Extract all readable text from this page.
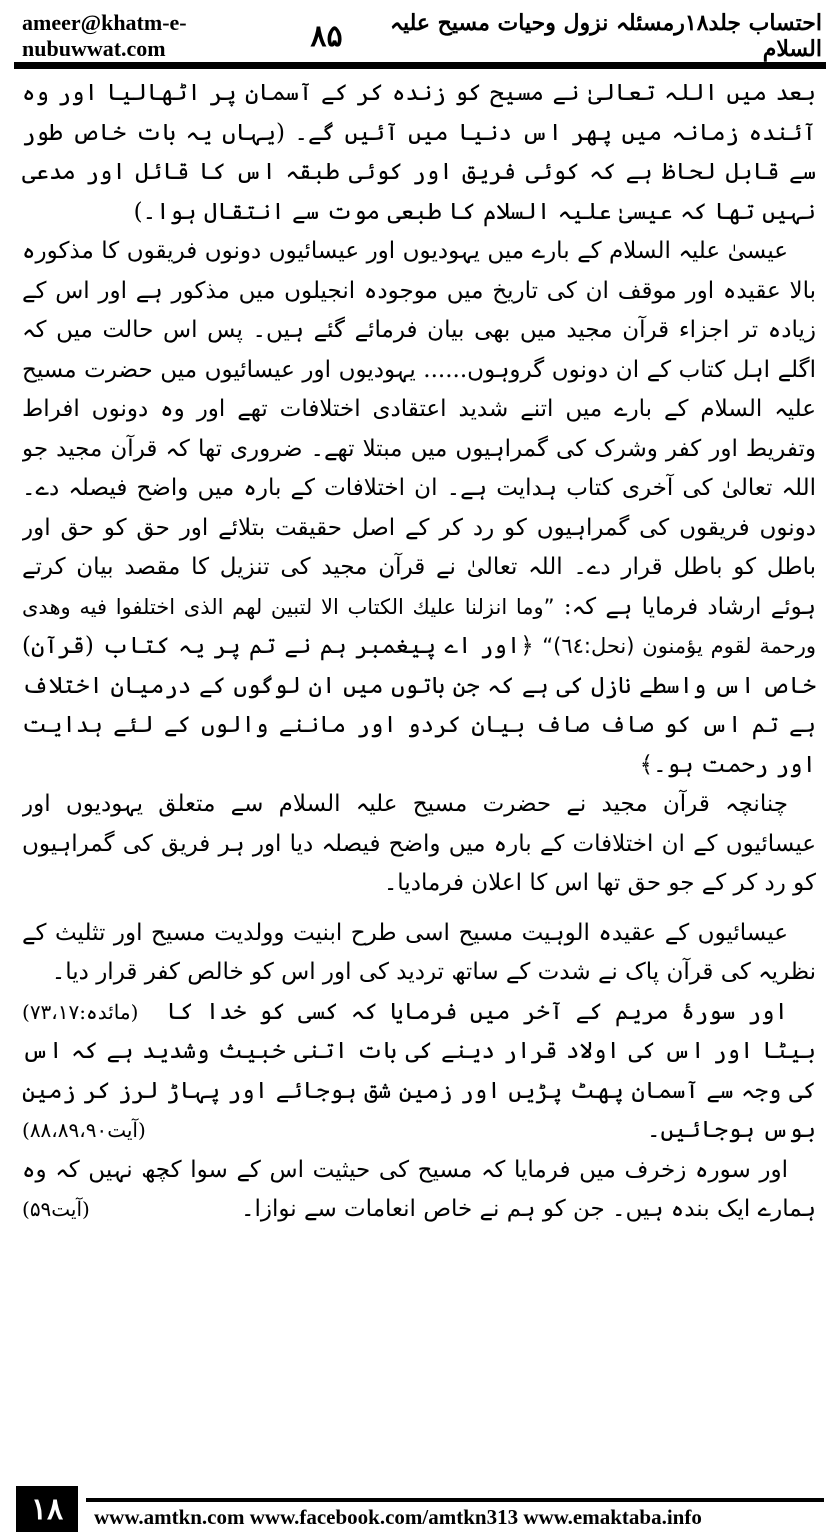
ameer@khatm-e-nubuwwat.com
احتساب جلد۱۸رمسئلہ نزول وحیات مسیح علیہ السلام
۸۵

بعد میں اللہ تعالیٰ نے مسیح کو زندہ کر کے آسمان پر اٹھالیا اور وہ آئندہ زمانہ میں پھر اس دنیا میں آئیں گے۔ (یہاں یہ بات خاص طور سے قابل لحاظ ہے کہ کوئی فریق اور کوئی طبقہ اس کا قائل اور مدعی نہیں تھا کہ عیسیٰ علیہ السلام کا طبعی موت سے انتقال ہوا۔)

عیسیٰ علیہ السلام کے بارے میں یہودیوں اور عیسائیوں دونوں فریقوں کا مذکورہ بالا عقیدہ اور موقف ان کی تاریخ میں موجودہ انجیلوں میں مذکور ہے اور اس کے زیادہ تر اجزاء قرآن مجید میں بھی بیان فرمائے گئے ہیں۔ پس اس حالت میں کہ اگلے اہل کتاب کے ان دونوں گروہوں...... یہودیوں اور عیسائیوں میں حضرت مسیح علیہ السلام کے بارے میں اتنے شدید اعتقادی اختلافات تھے اور وہ دونوں افراط وتفریط اور کفر وشرک کی گمراہیوں میں مبتلا تھے۔ ضروری تھا کہ قرآن مجید جو اللہ تعالیٰ کی آخری کتاب ہدایت ہے۔ ان اختلافات کے بارہ میں واضح فیصلہ دے۔ دونوں فریقوں کی گمراہیوں کو رد کر کے اصل حقیقت بتلائے اور حق کو حق اور باطل کو باطل قرار دے۔ اللہ تعالیٰ نے قرآن مجید کی تنزیل کا مقصد بیان کرتے ہوئے ارشاد فرمایا ہے کہ: ”وما انزلنا عليك الكتاب الا لتبين لهم الذى اختلفوا فيه وهدى ورحمة لقوم يؤمنون (نحل:٦٤)“ ﴿اور اے پیغمبر ہم نے تم پر یہ کتاب (قرآن) خاص اس واسطے نازل کی ہے کہ جن باتوں میں ان لوگوں کے درمیان اختلاف ہے تم اس کو صاف صاف بیان کردو اور ماننے والوں کے لئے ہدایت اور رحمت ہو۔﴾

چنانچہ قرآن مجید نے حضرت مسیح علیہ السلام سے متعلق یہودیوں اور عیسائیوں کے ان اختلافات کے بارہ میں واضح فیصلہ دیا اور ہر فریق کی گمراہیوں کو رد کر کے جو حق تھا اس کا اعلان فرمادیا۔

عیسائیوں کے عقیدہ الوہیت مسیح اسی طرح ابنیت وولدیت مسیح اور تثلیث کے نظریہ کی قرآن پاک نے شدت کے ساتھ تردید کی اور اس کو خالص کفر قرار دیا۔
(مائدہ:۷۳،۱۷)	اور سورۂ مریم کے آخر میں فرمایا کہ کسی کو خدا کا بیٹا اور اس کی اولاد قرار دینے کی بات اتنی خبیث وشدید ہے کہ اس کی وجہ سے آسمان پھٹ پڑیں اور زمین شق ہوجائے اور پہاڑ لرز کر زمین بوس ہوجائیں۔
(آیت۸۸،۸۹،۹۰)

اور سورہ زخرف میں فرمایا کہ مسیح کی حیثیت اس کے سوا کچھ نہیں کہ وہ ہمارے ایک بندہ ہیں۔ جن کو ہم نے خاص انعامات سے نوازا۔
(آیت۵۹)

۱۸	www.amtkn.com www.facebook.com/amtkn313 www.emaktaba.info
